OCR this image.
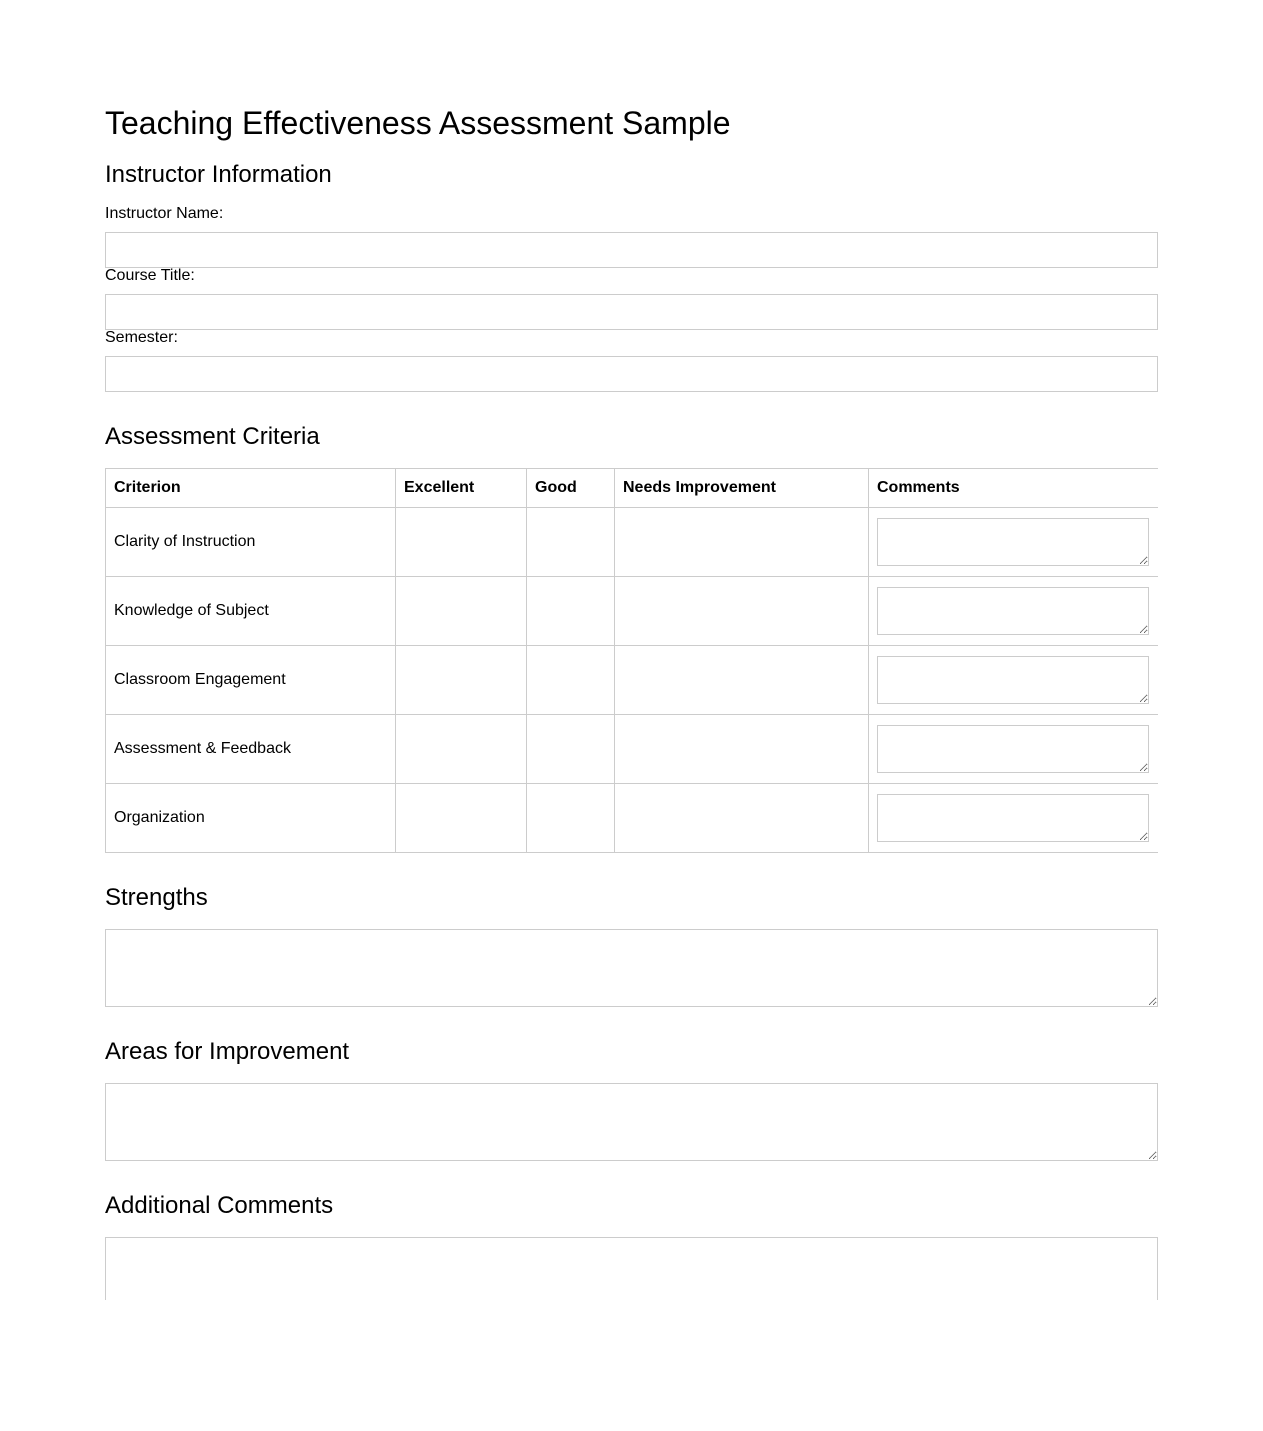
Teaching Effectiveness Assessment Sample
Instructor Information
Instructor Name:
Course Title:
Semester:
Assessment Criteria
Criterion	Excellent	Good	Needs Improvement	Comments
Clarity of Instruction				

Knowledge of Subject				

Classroom Engagement				

Assessment & Feedback				

Organization				
Strengths
Areas for Improvement
Additional Comments
